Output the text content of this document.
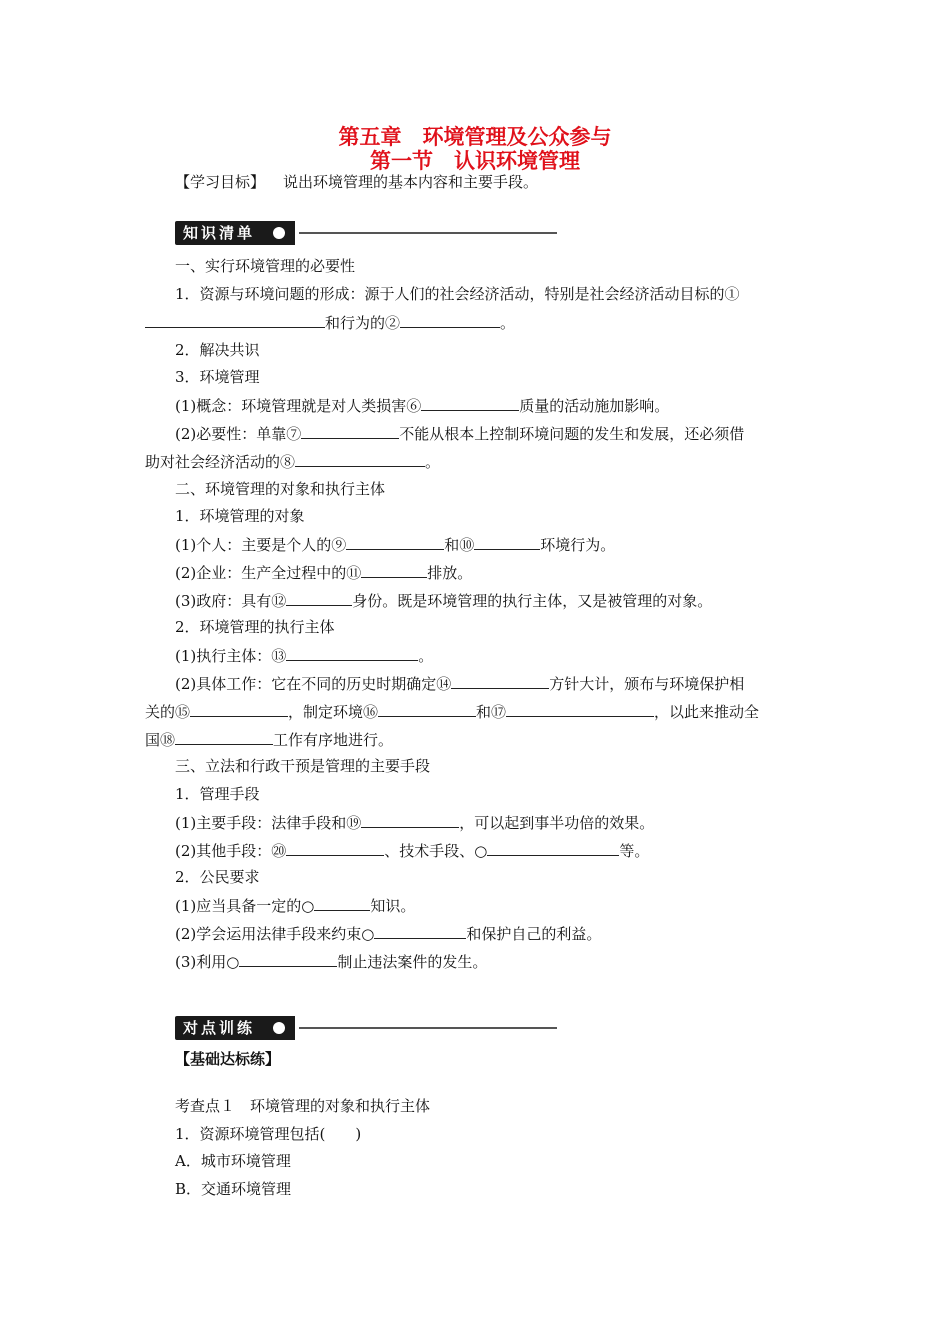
第五章　环境管理及公众参与
第一节　认识环境管理
【学习目标】 说出环境管理的基本内容和主要手段。
知识清单
一、实行环境管理的必要性
1．资源与环境问题的形成：源于人们的社会经济活动，特别是社会经济活动目标的①
和行为的②	。
2．解决共识
3．环境管理
(1)概念：环境管理就是对人类损害⑥	质量的活动施加影响。
(2)必要性：单靠⑦	不能从根本上控制环境问题的发生和发展，还必须借
助对社会经济活动的⑧	。
二、环境管理的对象和执行主体
1．环境管理的对象
(1)个人：主要是个人的⑨	和⑩	环境行为。
(2)企业：生产全过程中的⑪	排放。
(3)政府：具有⑫	身份。既是环境管理的执行主体，又是被管理的对象。
2．环境管理的执行主体
(1)执行主体：⑬	。
(2)具体工作：它在不同的历史时期确定⑭	方针大计，颁布与环境保护相
关的⑮	，制定环境⑯	和⑰	，以此来推动全
国⑱	工作有序地进行。
三、立法和行政干预是管理的主要手段
1．管理手段
(1)主要手段：法律手段和⑲	，可以起到事半功倍的效果。
(2)其他手段：⑳	、技术手段、○	等。
2．公民要求
(1)应当具备一定的○	知识。
(2)学会运用法律手段来约束○	和保护自己的利益。
(3)利用○	制止违法案件的发生。
对点训练
【基础达标练】
考查点１　环境管理的对象和执行主体
1．资源环境管理包括(　　)
A．城市环境管理
B．交通环境管理
